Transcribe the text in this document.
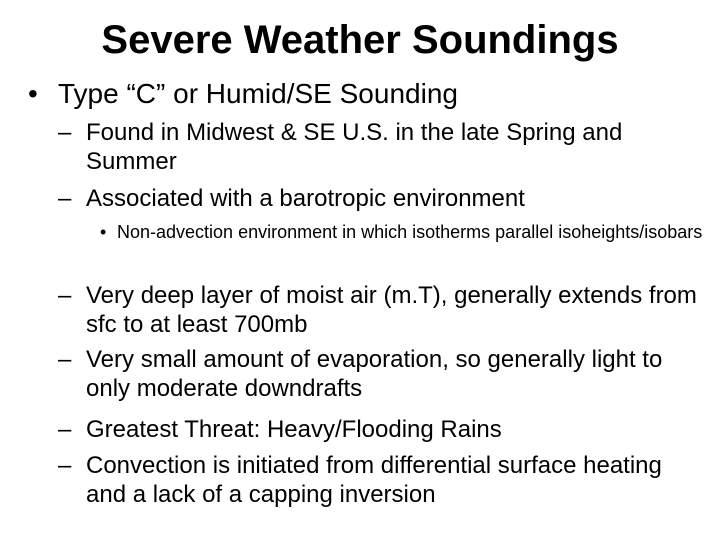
Severe Weather Soundings
• Type “C” or Humid/SE Sounding
– Found in Midwest & SE U.S. in the late Spring and Summer
– Associated with a barotropic environment
• Non-advection environment in which isotherms parallel isoheights/isobars
– Very deep layer of moist air (m.T), generally extends from sfc to at least 700mb
– Very small amount of evaporation, so generally light to only moderate downdrafts
– Greatest Threat: Heavy/Flooding Rains
– Convection is initiated from differential surface heating and a lack of a capping inversion
